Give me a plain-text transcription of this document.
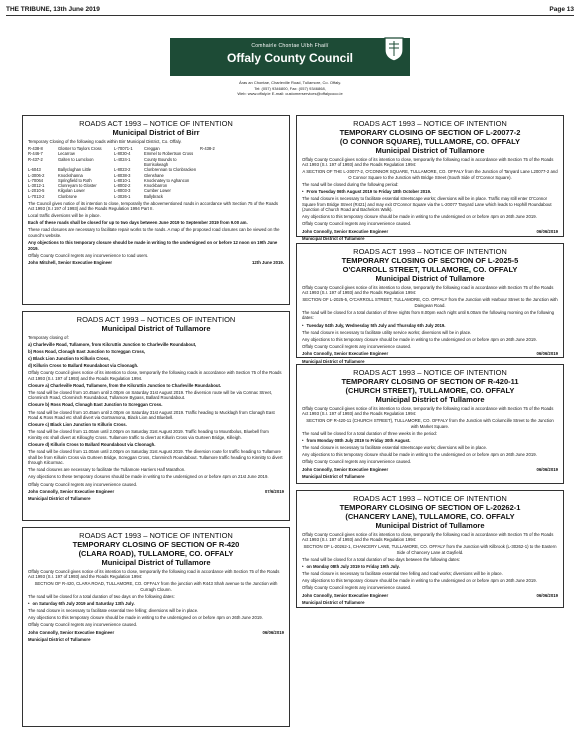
THE TRIBUNE, 13th June 2019	Page 13
Comhairle Chontae Uíbh Fhailí
Offaly County Council
Áras an Chontae, Charleville Road, Tullamore, Co. Offaly.
Tel: (057) 9346800, Fax: (057) 9346868,
Web: www.offaly.ie E-mail: customerservices@offalycoco.ie
ROADS ACT 1993 – NOTICE OF INTENTION
Municipal District of Birr

Temporary Closing of the following roads within Birr Municipal District, Co. Offaly.

R-438-8	Gloster to Taylors Cross	L-70071-1	Creggan	R-438-2
R-446-7	Lecarrow	L-8030-4	Emmel to Robertson Cross
R-437-2	Galten to Lumcloon	L-4024-1	County Bounds to Borrisokeagh
L-6043	Ballycloghan Little	L-8023-2	Clonbrennan to Clonbracken
L-3006-2	Knockshanna	L-8038-3	Glenshane
L-70064	Springfield to Roth	L-8010-1	Knocknatey to Aghancon
L-3012-1	Clonreyam to Gloster	L-8002-2	Knockbarron
L-2010-5	Kilgolan Lower	L-8003-3	Cumber Lower
L-7013-2	Clonbrone	L-3026-1	Ballybrack

The Council gives notice of its intention to close, temporarily the abovementioned roads in accordance with Section 75 of the Roads Act 1993 (S.I 197 of 1993) and the Roads Regulation 1994 Part II.

Local traffic diversions will be in place.

Each of these roads shall be closed for up to two days between June 2019 to September 2019 from 9.00 am.

These road closures are necessary to facilitate repair works to the roads. A map of the proposed road closures can be viewed on the council's website.

Any objections to this temporary closure should be made in writing to the undersigned on or before 12 noon on 19th June 2019.

Offaly County Council regrets any inconvenience to road users.

John Mitchell, Senior Executive Engineer	12th June 2019.
ROADS ACT 1993 – NOTICES OF INTENTION
Municipal District of Tullamore

Temporary closing of:

a) Charleville Road, Tullamore, from Kilcruttin Junction to Charleville Roundabout,

b) Ross Road, Clonagh East Junction to Screggan Cross,

c) Black Lion Junction to Killurin Cross,

d) Killurin Cross to Ballard Roundabout via Cloonagh.

Offaly County Council gives notice of its intention to close, temporarily the following roads in accordance with Section 75 of the Roads Act 1993 (S.I. 197 of 1993) and the Roads Regulation 1994.

Closure a) Charleville Road, Tullamore, from the Kilcruttin Junction to Charleville Roundabout.

The road will be closed from 10.45am until 2.00pm on Saturday 31st August 2019. The diversion route will be via Cormac Street, Clonminch Road, Clonminch Roundabout, Tullamore Bypass, Ballard Roundabout.

Closure b) Ross Road, Clonagh East Junction to Screggan Cross.

The road will be closed from 10.45am until 2.00pm on Saturday 31st August 2019. Traffic heading to Mucklagh from Clonagh East Road & Ross Road etc shall divert via Gortnamona, Black Lion and Bluebell.

Closure c) Black Lion Junction to Killurin Cross.

The road will be closed from 11.00am until 2.00pm on Saturday 31st August 2019. Traffic heading to Mountbolus, Bluebell from Kinnitty etc shall divert at Killoughy Cross. Tullamore traffic to divert at Killurin Cross via Gurteen Bridge, Killeigh.

Closure d) Killurin Cross to Ballard Roundabout via Cloonagh.

The road will be closed from 11.00am until 2.00pm on Saturday 31st August 2019. The diversion route for traffic heading to Tullamore shall be from Killurin Cross via Gurteen Bridge, Screggan Cross, Clonminch Roundabout. Tullamore traffic heading to Kinnitty to divert through Kilcormac.

The road closures are necessary to facilitate the Tullamore Harriers Half Marathon.

Any objections to these temporary closures should be made in writing to the undersigned on or before 4pm on 21st June 2019.

Offaly County Council regrets any inconvenience caused.

John Connolly, Senior Executive Engineer	07/6/2019

Municipal District of Tullamore

ROADS ACT 1993 – NOTICE OF INTENTION
TEMPORARY CLOSING OF SECTION OF R-420
(CLARA ROAD), TULLAMORE, CO. OFFALY
Municipal District of Tullamore

Offaly County Council gives notice of its intention to close, temporarily the following road in accordance with Section 75 of the Roads Act 1993 (S.I. 197 of 1993) and the Roads Regulation 1994:

SECTION OF R-420, CLARA ROAD, TULLAMORE, CO. OFFALY from the junction with R443 Shah avenue to the Junction with Curragh Clounn.

The road will be closed for a total duration of two days on the following dates:

• on Saturday 6th July 2019 and Saturday 13th July.

The road closure is necessary to facilitate essential tree felling; diversions will be in place.

Any objections to this temporary closure should be made in writing to the undersigned on or before 4pm on 26th June 2019.

Offaly County Council regrets any inconvenience caused.

John Connolly, Senior Executive Engineer	06/06/2019

Municipal District of Tullamore

ROADS ACT 1993 – NOTICE OF INTENTION
TEMPORARY CLOSING OF SECTION OF L-20077-2
(O CONNOR SQUARE), TULLAMORE, CO. OFFALY
Municipal District of Tullamore

Offaly County Council gives notice of its intention to close, temporarily the following road in accordance with Section 75 of the Roads Act 1993 (S.I. 197 of 1993) and the Roads Regulation 1994:

A SECTION OF THE L-20077-2, O'CONNOR SQUARE, TULLAMORE, CO. OFFALY from the Junction of Tanyard Lane L20077-2 and O Connor Square to the Junction with Bridge Street (South Side of O'Connor Square).

The road will be closed during the following period:

• From Tuesday 06th August 2019 to Friday 18th October 2019.

The road closure is necessary to facilitate essential streetscape works; diversions will be in place. Traffic may still enter O'Connor Square from Bridge Street (R421) and may exit O'Connor Square via the L-20077 Tanyard Lane which leads to Hophill Roundabout (Junction of Church Road and Bachelors Walk).

Any objections to this temporary closure should be made in writing to the undersigned on or before 4pm on 26th June 2019.

Offaly County Council regrets any inconvenience caused.

John Connolly, Senior Executive Engineer	06/06/2019

Municipal District of Tullamore

ROADS ACT 1993 – NOTICE OF INTENTION
TEMPORARY CLOSING OF SECTION OF L-2025-5
O'CARROLL STREET, TULLAMORE, CO. OFFALY
Municipal District of Tullamore

Offaly County Council gives notice of its intention to close, temporarily the following road in accordance with Section 75 of the Roads Act 1993 (S.I. 197 of 1993) and the Roads Regulation 1994:

SECTION OF L-2025-5, O'CARROLL STREET, TULLAMORE, CO. OFFALY from the Junction with Harbour Street to the Junction with Daingean Road.

The road will be closed for a total duration of three nights from 8.00pm each night until 6.00am the following morning on the following dates:

• Tuesday 04th July, Wednesday 5th July and Thursday 6th July 2019.

The road closure is necessary to facilitate utility service works; diversions will be in place.

Any objections to this temporary closure should be made in writing to the undersigned on or before 4pm on 26th June 2019.

Offaly County Council regrets any inconvenience caused.

John Connolly, Senior Executive Engineer	06/06/2019

Municipal District of Tullamore

ROADS ACT 1993 – NOTICE OF INTENTION
TEMPORARY CLOSING OF SECTION OF R-420-11
(CHURCH STREET), TULLAMORE, CO. OFFALY
Municipal District of Tullamore

Offaly County Council gives notice of its intention to close, temporarily the following road in accordance with Section 75 of the Roads Act 1993 (S.I. 197 of 1993) and the Roads Regulation 1994:

SECTION OF R-420-11 (CHURCH STREET), TULLAMORE, CO. OFFALY from the Junction with Columcille Street to the Junction with Market Square.

The road will be closed for a total duration of three weeks in the period:

• from Monday 08th July 2019 to Friday 30th August.

The road closure is necessary to facilitate essential streetscape works; diversions will be in place.

Any objections to this temporary closure should be made in writing to the undersigned on or before 4pm on 26th June 2019.

Offaly County Council regrets any inconvenience caused.

John Connolly, Senior Executive Engineer	06/06/2019

Municipal District of Tullamore

ROADS ACT 1993 – NOTICE OF INTENTION
TEMPORARY CLOSING OF SECTION OF L-20262-1
(CHANCERY LANE), TULLAMORE, CO. OFFALY
Municipal District of Tullamore

Offaly County Council gives notice of its intention to close, temporarily the following road in accordance with Section 75 of the Roads Act 1993 (S.I. 197 of 1993) and the Roads Regulation 1994:

SECTION OF L-20262-1, CHANCERY LANE, TULLAMORE, CO. OFFALY from the Junction with Kilbrook (L-30262-1) to the Eastern Side of Chancery Lane at Gayfield.

The road will be closed for a total duration of two days between the following dates:

• on Monday 08th July 2019 to Friday 19th July.

The road closure is necessary to facilitate essential tree felling and road works; diversions will be in place.

Any objections to this temporary closure should be made in writing to the undersigned on or before 4pm on 26th June 2019.

Offaly County Council regrets any inconvenience caused.

John Connolly, Senior Executive Engineer	06/06/2019

Municipal District of Tullamore
